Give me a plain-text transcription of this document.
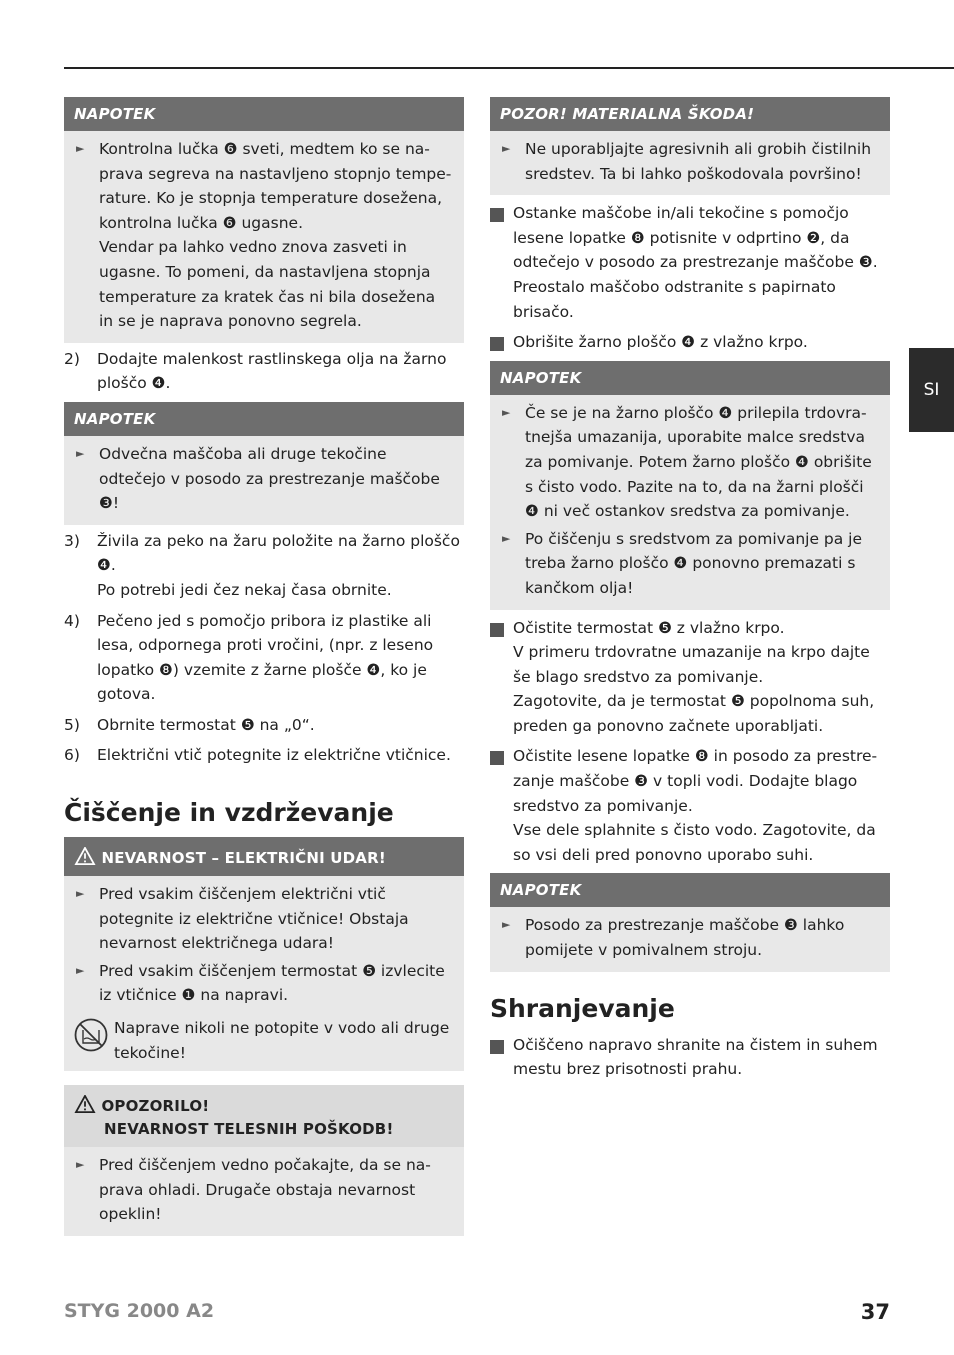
SI
NAPOTEK
► Kontrolna lučka ❻ sveti, medtem ko se na- prava segreva na nastavljeno stopnjo tempe- rature. Ko je stopnja temperature dosežena, kontrolna lučka ❻ ugasne.
Vendar pa lahko vedno znova zasveti in ugasne. To pomeni, da nastavljena stopnja temperature za kratek čas ni bila dosežena in se je naprava ponovno segrela.
2) Dodajte malenkost rastlinskega olja na žarno ploščo ❹.
NAPOTEK
► Odvečna maščoba ali druge tekočine odtečejo v posodo za prestrezanje maščobe ❸!
3) Živila za peko na žaru položite na žarno ploščo ❹.
Po potrebi jedi čez nekaj časa obrnite.
4) Pečeno jed s pomočjo pribora iz plastike ali lesa, odpornega proti vročini, (npr. z leseno lopatko ❽) vzemite z žarne plošče ❹, ko je gotova.
5) Obrnite termostat ❺ na „0“.
6) Električni vtič potegnite iz električne vtičnice.
Čiščenje in vzdrževanje
NEVARNOST – ELEKTRIČNI UDAR!
► Pred vsakim čiščenjem električni vtič potegnite iz električne vtičnice! Obstaja nevarnost električnega udara!
► Pred vsakim čiščenjem termostat ❺ izvlecite iz vtičnice ❶ na napravi.
Naprave nikoli ne potopite v vodo ali druge tekočine!
OPOZORILO!
NEVARNOST TELESNIH POŠKODB!
► Pred čiščenjem vedno počakajte, da se na- prava ohladi. Drugače obstaja nevarnost opeklin!
POZOR! MATERIALNA ŠKODA!
► Ne uporabljajte agresivnih ali grobih čistilnih sredstev. Ta bi lahko poškodovala površino!
Ostanke maščobe in/ali tekočine s pomočjo lesene lopatke ❽ potisnite v odprtino ❷, da odtečejo v posodo za prestrezanje maščobe ❸. Preostalo maščobo odstranite s papirnato brisačo.
Obrišite žarno ploščo ❹ z vlažno krpo.
NAPOTEK
► Če se je na žarno ploščo ❹ prilepila trdovra- tnejša umazanija, uporabite malce sredstva za pomivanje. Potem žarno ploščo ❹ obrišite s čisto vodo. Pazite na to, da na žarni plošči ❹ ni več ostankov sredstva za pomivanje.
► Po čiščenju s sredstvom za pomivanje pa je treba žarno ploščo ❹ ponovno premazati s kančkom olja!
Očistite termostat ❺ z vlažno krpo.
V primeru trdovratne umazanije na krpo dajte še blago sredstvo za pomivanje.
Zagotovite, da je termostat ❺ popolnoma suh, preden ga ponovno začnete uporabljati.
Očistite lesene lopatke ❽ in posodo za prestre- zanje maščobe ❸ v topli vodi. Dodajte blago sredstvo za pomivanje.
Vse dele splahnite s čisto vodo. Zagotovite, da so vsi deli pred ponovno uporabo suhi.
NAPOTEK
► Posodo za prestrezanje maščobe ❸ lahko pomijete v pomivalnem stroju.
Shranjevanje
Očiščeno napravo shranite na čistem in suhem mestu brez prisotnosti prahu.
STYG 2000 A2	37
